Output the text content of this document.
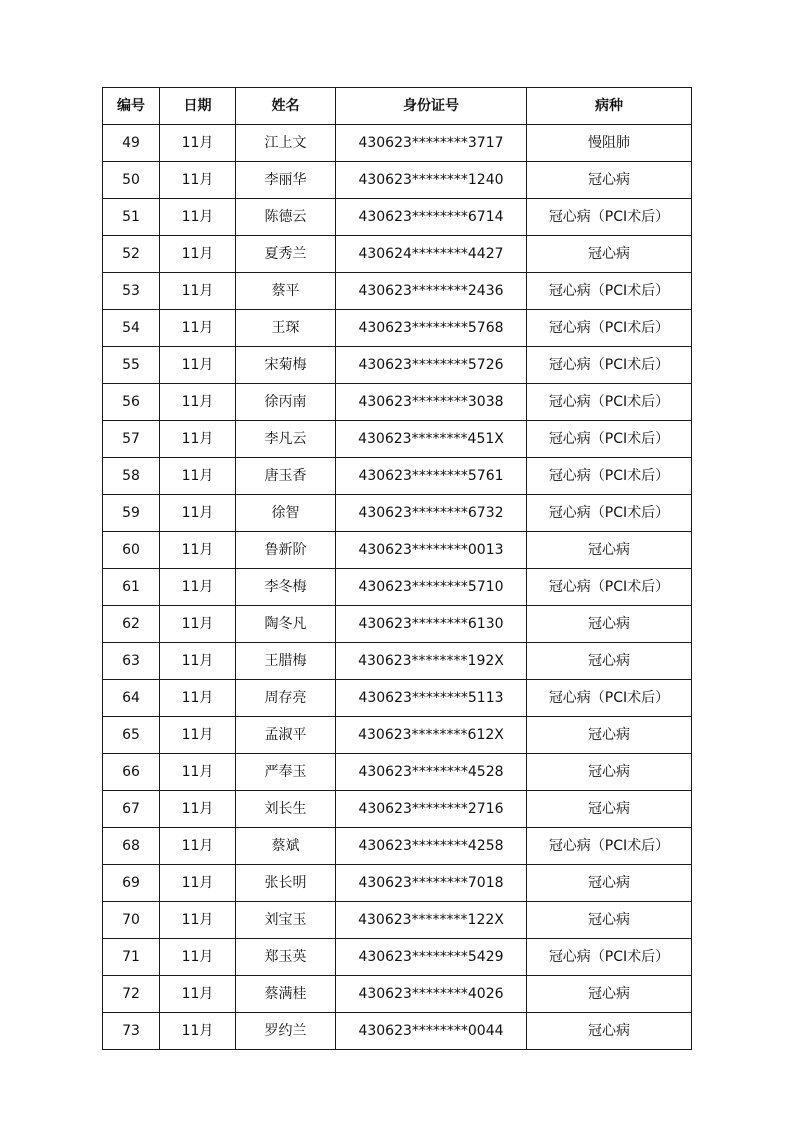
编号	日期	姓名	身份证号	病种
49	11月	江上文	430623********3717	慢阻肺
50	11月	李丽华	430623********1240	冠心病
51	11月	陈德云	430623********6714	冠心病（PCI术后）
52	11月	夏秀兰	430624********4427	冠心病
53	11月	蔡平	430623********2436	冠心病（PCI术后）
54	11月	王琛	430623********5768	冠心病（PCI术后）
55	11月	宋菊梅	430623********5726	冠心病（PCI术后）
56	11月	徐丙南	430623********3038	冠心病（PCI术后）
57	11月	李凡云	430623********451X	冠心病（PCI术后）
58	11月	唐玉香	430623********5761	冠心病（PCI术后）
59	11月	徐智	430623********6732	冠心病（PCI术后）
60	11月	鲁新阶	430623********0013	冠心病
61	11月	李冬梅	430623********5710	冠心病（PCI术后）
62	11月	陶冬凡	430623********6130	冠心病
63	11月	王腊梅	430623********192X	冠心病
64	11月	周存亮	430623********5113	冠心病（PCI术后）
65	11月	孟淑平	430623********612X	冠心病
66	11月	严奉玉	430623********4528	冠心病
67	11月	刘长生	430623********2716	冠心病
68	11月	蔡斌	430623********4258	冠心病（PCI术后）
69	11月	张长明	430623********7018	冠心病
70	11月	刘宝玉	430623********122X	冠心病
71	11月	郑玉英	430623********5429	冠心病（PCI术后）
72	11月	蔡满桂	430623********4026	冠心病
73	11月	罗约兰	430623********0044	冠心病
